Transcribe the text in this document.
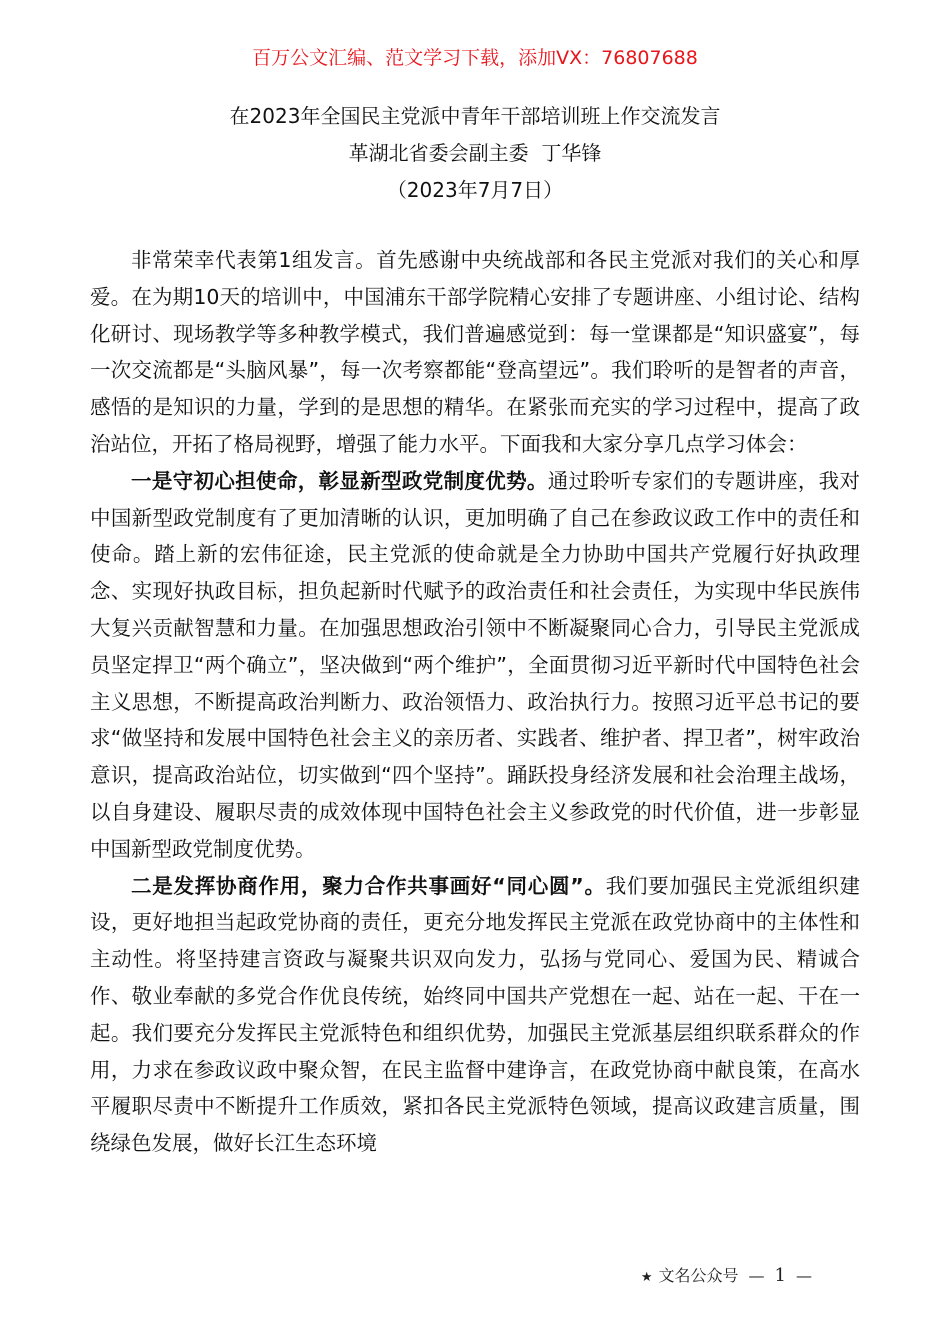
百万公文汇编、范文学习下载，添加VX：76807688
在2023年全国民主党派中青年干部培训班上作交流发言
革湖北省委会副主委  丁华锋
（2023年7月7日）

非常荣幸代表第1组发言。首先感谢中央统战部和各民主党派对我们的关心和厚爱。在为期10天的培训中，中国浦东干部学院精心安排了专题讲座、小组讨论、结构化研讨、现场教学等多种教学模式，我们普遍感觉到：每一堂课都是“知识盛宴”，每一次交流都是“头脑风暴”，每一次考察都能“登高望远”。我们聆听的是智者的声音，感悟的是知识的力量，学到的是思想的精华。在紧张而充实的学习过程中，提高了政治站位，开拓了格局视野，增强了能力水平。下面我和大家分享几点学习体会：

一是守初心担使命，彰显新型政党制度优势。通过聆听专家们的专题讲座，我对中国新型政党制度有了更加清晰的认识，更加明确了自己在参政议政工作中的责任和使命。踏上新的宏伟征途，民主党派的使命就是全力协助中国共产党履行好执政理念、实现好执政目标，担负起新时代赋予的政治责任和社会责任，为实现中华民族伟大复兴贡献智慧和力量。在加强思想政治引领中不断凝聚同心合力，引导民主党派成员坚定捍卫“两个确立”，坚决做到“两个维护”，全面贯彻习近平新时代中国特色社会主义思想，不断提高政治判断力、政治领悟力、政治执行力。按照习近平总书记的要求“做坚持和发展中国特色社会主义的亲历者、实践者、维护者、捍卫者”，树牢政治意识，提高政治站位，切实做到“四个坚持”。踊跃投身经济发展和社会治理主战场，以自身建设、履职尽责的成效体现中国特色社会主义参政党的时代价值，进一步彰显中国新型政党制度优势。

二是发挥协商作用，聚力合作共事画好“同心圆”。我们要加强民主党派组织建设，更好地担当起政党协商的责任，更充分地发挥民主党派在政党协商中的主体性和主动性。将坚持建言资政与凝聚共识双向发力，弘扬与党同心、爱国为民、精诚合作、敬业奉献的多党合作优良传统，始终同中国共产党想在一起、站在一起、干在一起。我们要充分发挥民主党派特色和组织优势，加强民主党派基层组织联系群众的作用，力求在参政议政中聚众智，在民主监督中建诤言，在政党协商中献良策，在高水平履职尽责中不断提升工作质效，紧扣各民主党派特色领域，提高议政建言质量，围绕绿色发展，做好长江生态环境

★ 文名公众号 — 1 —
